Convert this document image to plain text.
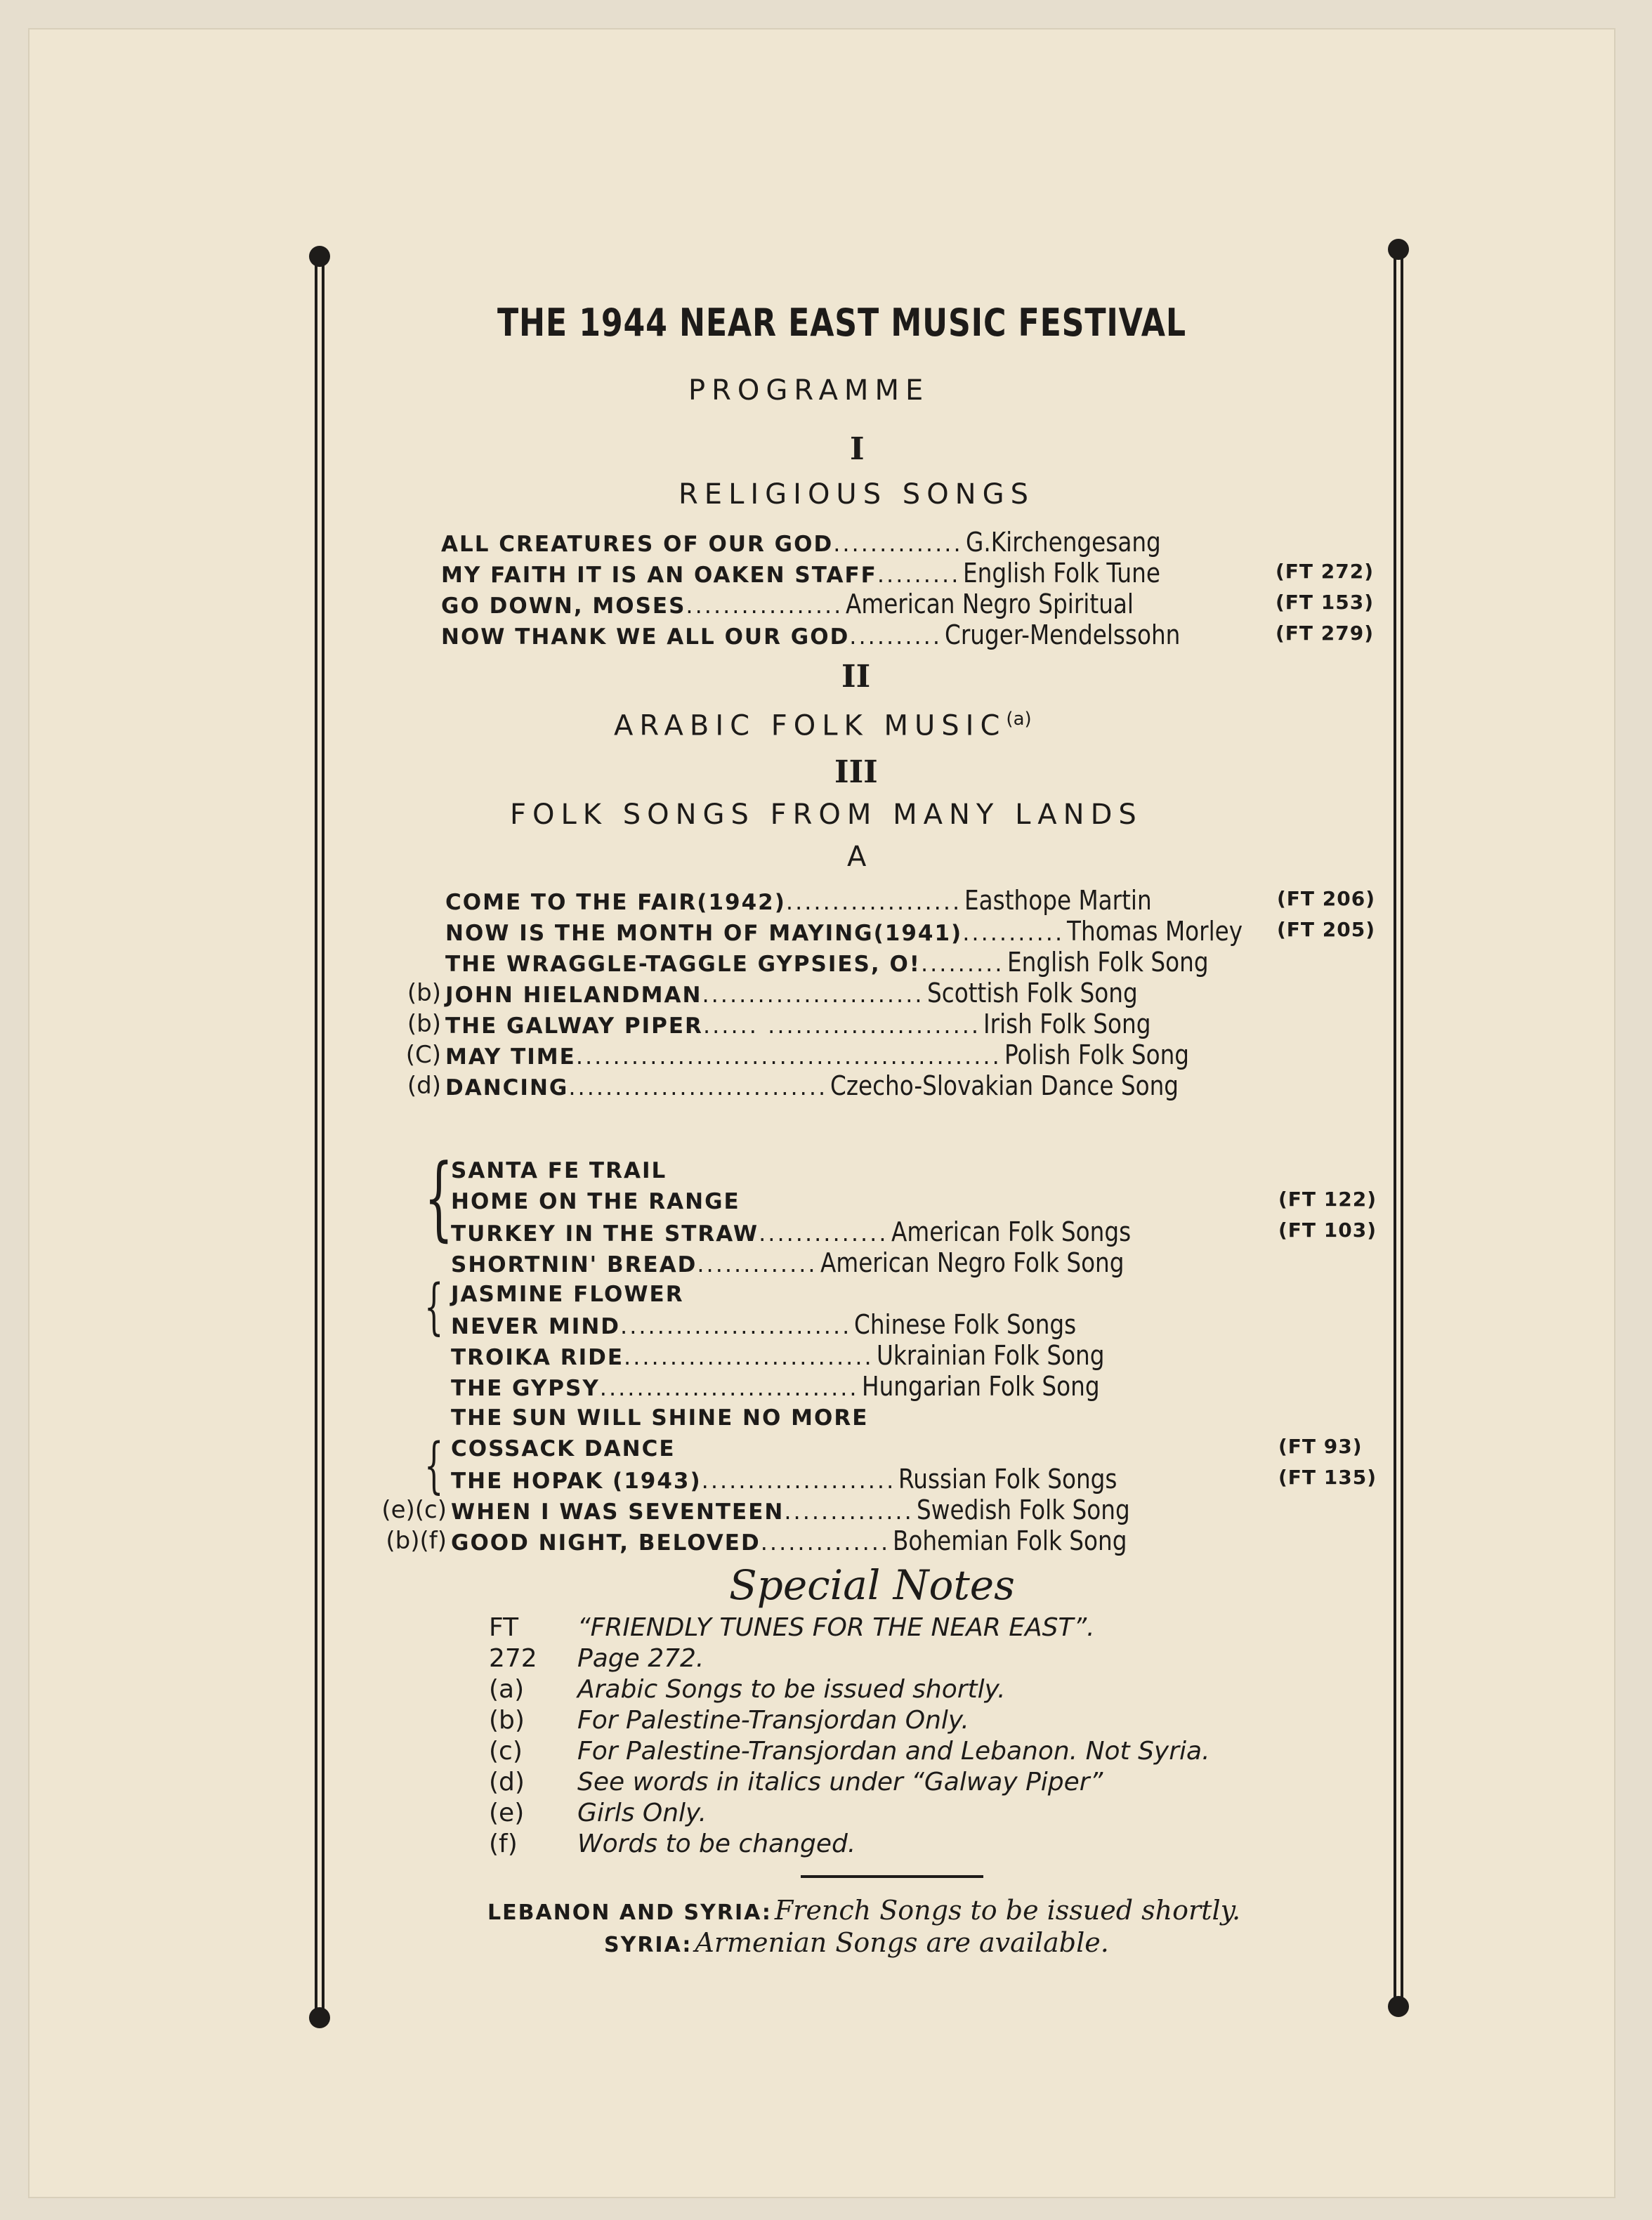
THE 1944 NEAR EAST MUSIC FESTIVAL
PROGRAMME
I
RELIGIOUS SONGS
ALL CREATURES OF OUR GOD.............. G.Kirchengesang
MY FAITH IT IS AN OAKEN STAFF......... English Folk Tune	(FT 272)
GO DOWN, MOSES................. American Negro Spiritual	(FT 153)
NOW THANK WE ALL OUR GOD.......... Cruger-Mendelssohn	(FT 279)
II
ARABIC FOLK MUSIC$^{(a)}$
III
FOLK SONGS FROM MANY LANDS
A
COME TO THE FAIR(1942)................... Easthope Martin	(FT 206)
NOW IS THE MONTH OF MAYING(1941)........... Thomas Morley	(FT 205)
THE WRAGGLE-TAGGLE GYPSIES, O!......... English Folk Song
(b) JOHN HIELANDMAN........................ Scottish Folk Song
(b) THE GALWAY PIPER...... ....................... Irish Folk Song
(C) MAY TIME.............................................. Polish Folk Song
(d) DANCING............................ Czecho-Slovakian Dance Song
{
{
{
SANTA FE TRAIL
HOME ON THE RANGE	(FT 122)
TURKEY IN THE STRAW.............. American Folk Songs	(FT 103)
SHORTNIN' BREAD............. American Negro Folk Song
JASMINE FLOWER
NEVER MIND......................... Chinese Folk Songs
TROIKA RIDE........................... Ukrainian Folk Song
THE GYPSY............................ Hungarian Folk Song
THE SUN WILL SHINE NO MORE
COSSACK DANCE	(FT 93)
THE HOPAK (1943)..................... Russian Folk Songs	(FT 135)
(e)(c) WHEN I WAS SEVENTEEN.............. Swedish Folk Song
(b)(f) GOOD NIGHT, BELOVED.............. Bohemian Folk Song
Special Notes
FT “FRIENDLY TUNES FOR THE NEAR EAST”.
272 Page 272.
(a) Arabic Songs to be issued shortly.
(b) For Palestine-Transjordan Only.
(c) For Palestine-Transjordan and Lebanon. Not Syria.
(d) See words in italics under “Galway Piper”
(e) Girls Only.
(f) Words to be changed.
LEBANON AND SYRIA: French Songs to be issued shortly.
SYRIA: Armenian Songs are available.
